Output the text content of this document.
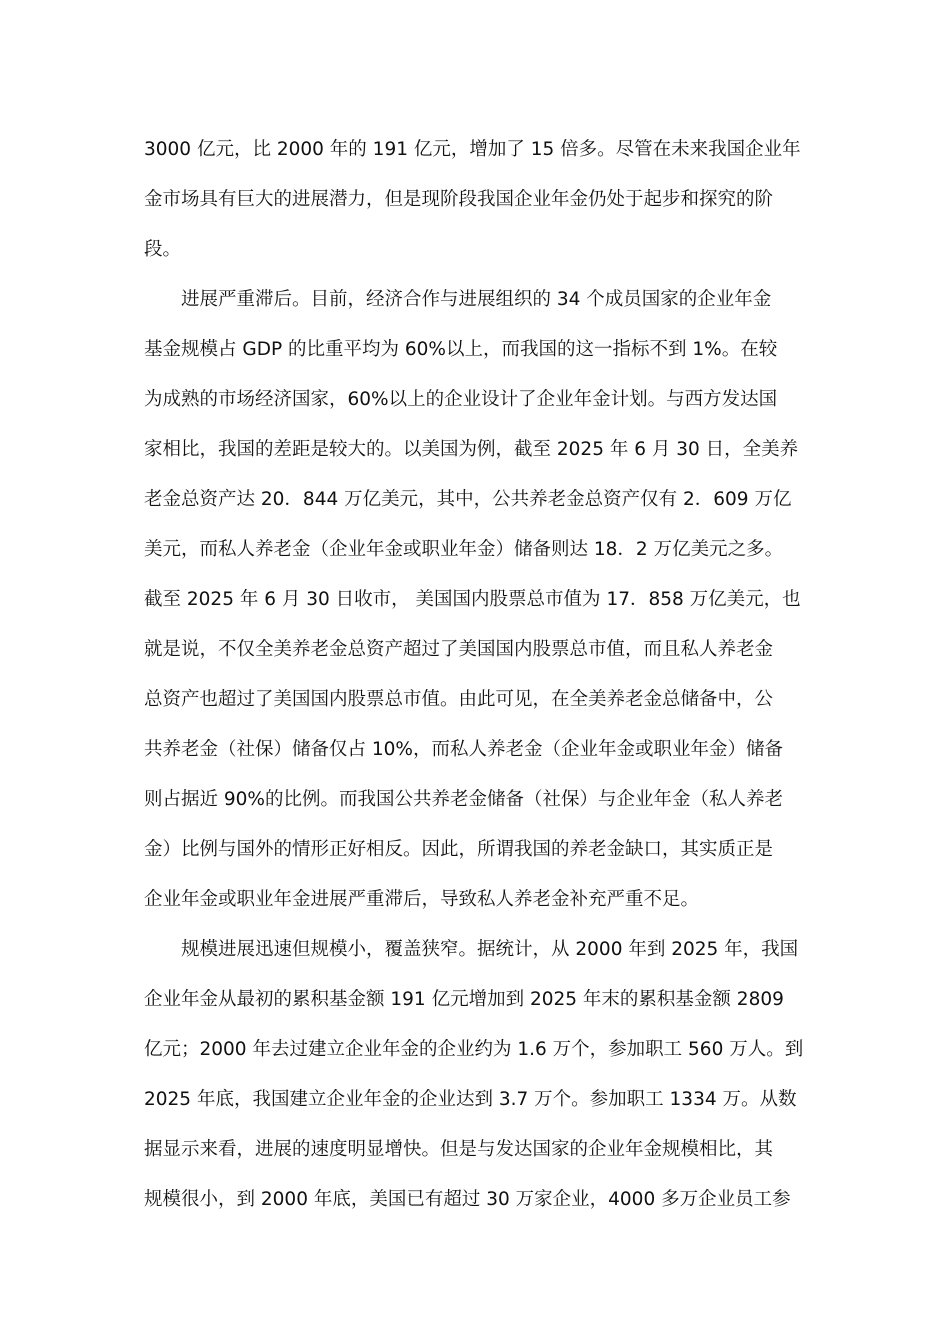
3000 亿元，比 2000 年的 191 亿元，增加了 15 倍多。尽管在未来我国企业年
金市场具有巨大的进展潜力，但是现阶段我国企业年金仍处于起步和探究的阶
段。
进展严重滞后。目前，经济合作与进展组织的 34 个成员国家的企业年金
基金规模占 GDP 的比重平均为 60%以上，而我国的这一指标不到 1%。在较
为成熟的市场经济国家，60%以上的企业设计了企业年金计划。与西方发达国
家相比，我国的差距是较大的。以美国为例，截至 2025 年 6 月 30 日，全美养
老金总资产达 20．844 万亿美元，其中，公共养老金总资产仅有 2．609 万亿
美元，而私人养老金（企业年金或职业年金）储备则达 18．2 万亿美元之多。
截至 2025 年 6 月 30 日收市， 美国国内股票总市值为 17．858 万亿美元，也
就是说，不仅全美养老金总资产超过了美国国内股票总市值，而且私人养老金
总资产也超过了美国国内股票总市值。由此可见，在全美养老金总储备中，公
共养老金（社保）储备仅占 10%，而私人养老金（企业年金或职业年金）储备
则占据近 90%的比例。而我国公共养老金储备（社保）与企业年金（私人养老
金）比例与国外的情形正好相反。因此，所谓我国的养老金缺口，其实质正是
企业年金或职业年金进展严重滞后，导致私人养老金补充严重不足。
规模进展迅速但规模小，覆盖狭窄。据统计，从 2000 年到 2025 年，我国
企业年金从最初的累积基金额 191 亿元增加到 2025 年末的累积基金额 2809
亿元；2000 年去过建立企业年金的企业约为 1.6 万个，参加职工 560 万人。到
2025 年底，我国建立企业年金的企业达到 3.7 万个。参加职工 1334 万。从数
据显示来看，进展的速度明显增快。但是与发达国家的企业年金规模相比，其
规模很小，到 2000 年底，美国已有超过 30 万家企业，4000 多万企业员工参
